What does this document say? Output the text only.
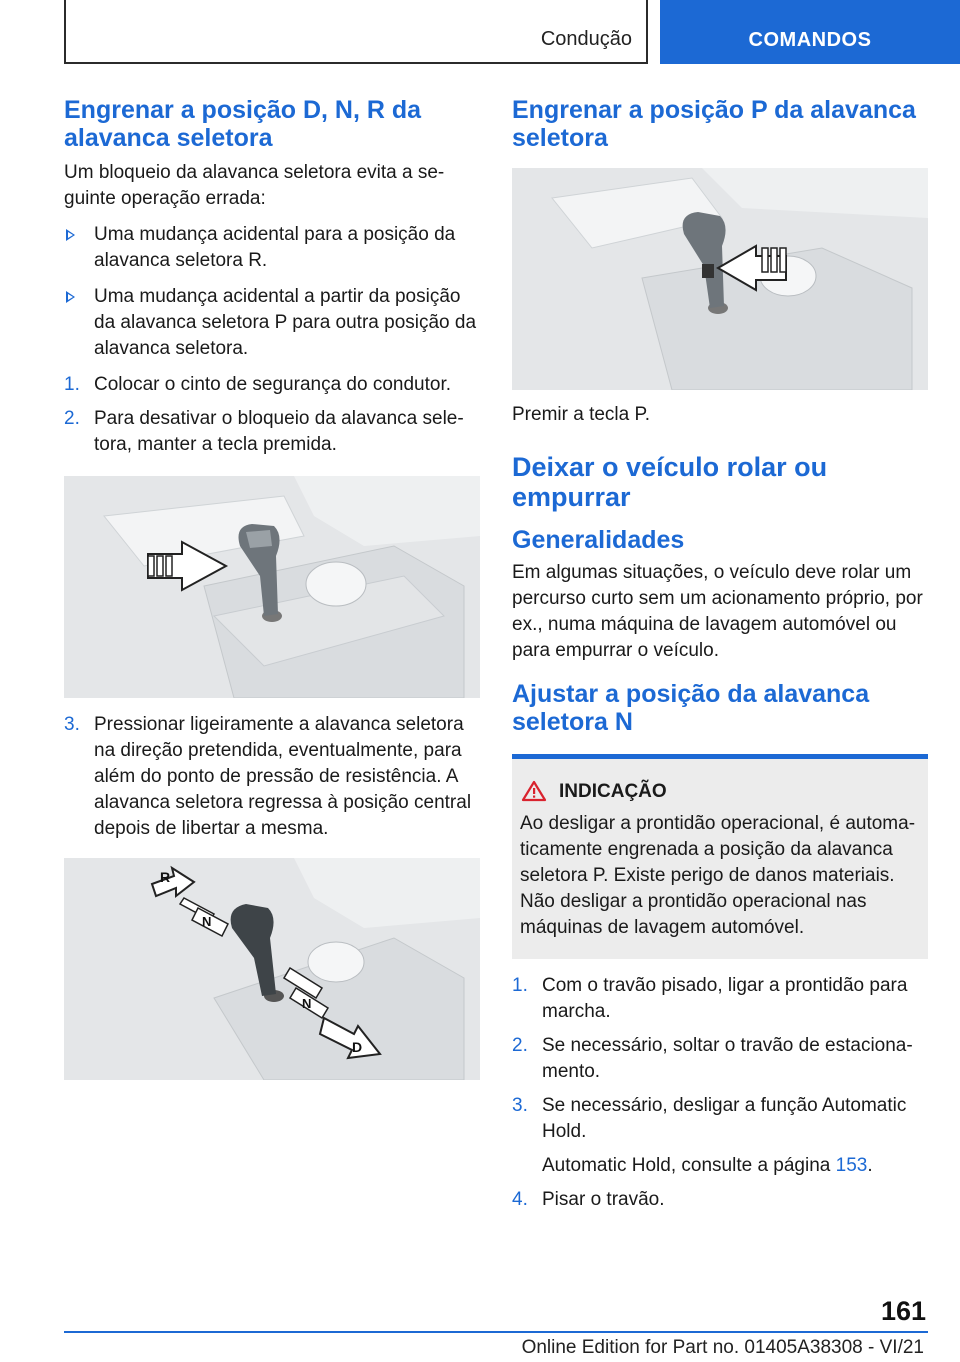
Condução	COMANDOS
Engrenar a posição D, N, R da alavanca seletora

Um bloqueio da alavanca seletora evita a seguinte operação errada:

Uma mudança acidental para a posição da alavanca seletora R.
Uma mudança acidental a partir da posição da alavanca seletora P para outra posição da alavanca seletora.
1. Colocar o cinto de segurança do condutor.
2. Para desativar o bloqueio da alavanca seletora, manter a tecla premida.
3. Pressionar ligeiramente a alavanca seletora na direção pretendida, eventualmente, para além do ponto de pressão de resistência. A alavanca seletora regressa à posição central depois de libertar a mesma.
R
N
N
D
Engrenar a posição P da alavanca seletora

Premir a tecla P.

Deixar o veículo rolar ou empurrar
Generalidades

Em algumas situações, o veículo deve rolar um percurso curto sem um acionamento próprio, por ex., numa máquina de lavagem automóvel ou para empurrar o veículo.

Ajustar a posição da alavanca seletora N
INDICAÇÃO

Ao desligar a prontidão operacional, é automaticamente engrenada a posição da alavanca seletora P. Existe perigo de danos materiais. Não desligar a prontidão operacional nas máquinas de lavagem automóvel.

1. Com o travão pisado, ligar a prontidão para marcha.
2. Se necessário, soltar o travão de estacionamento.
3. Se necessário, desligar a função Automatic Hold.
Automatic Hold, consulte a página 153.
4. Pisar o travão.
161
Online Edition for Part no. 01405A38308 - VI/21
